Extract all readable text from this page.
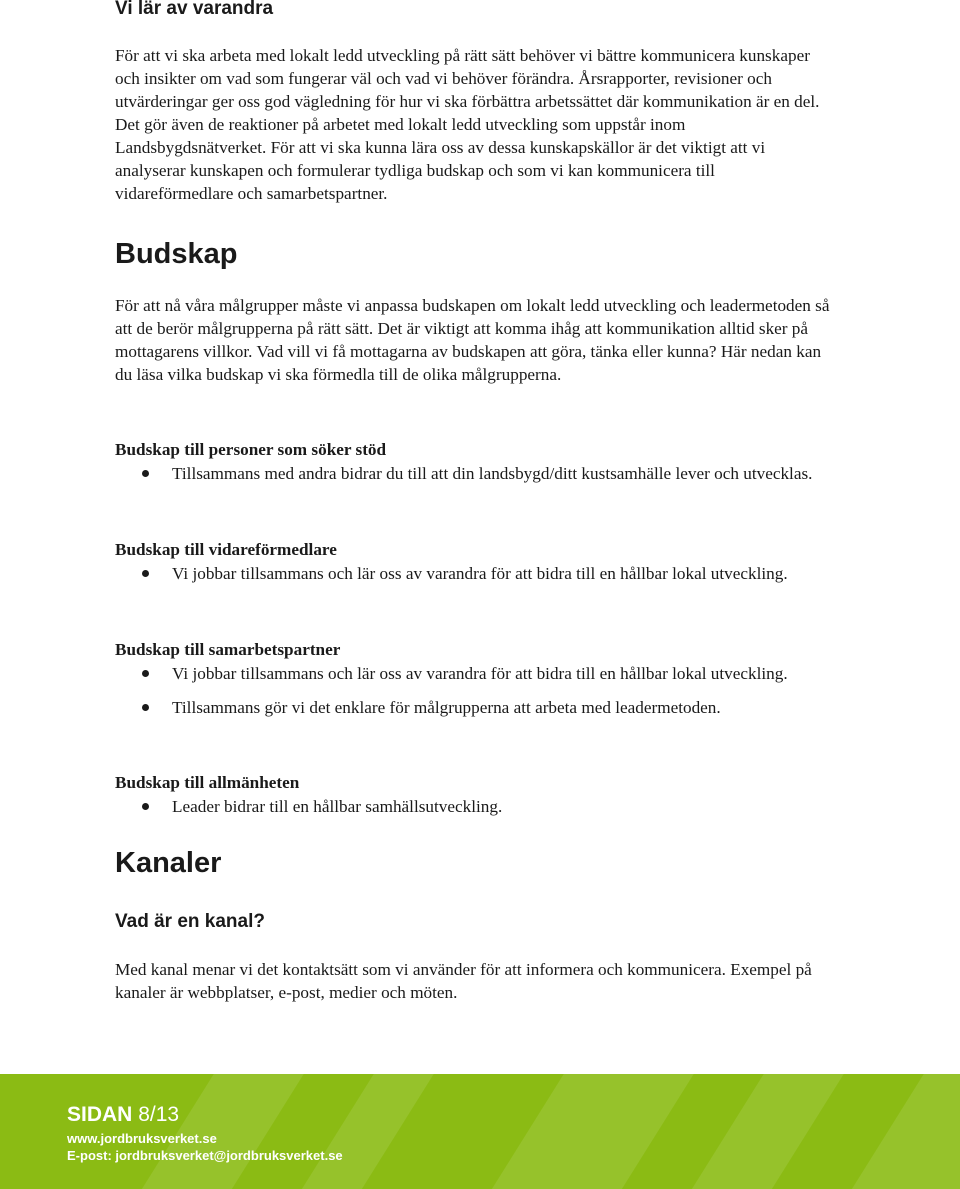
Vi lär av varandra

För att vi ska arbeta med lokalt ledd utveckling på rätt sätt behöver vi bättre kommunicera kunskaper och insikter om vad som fungerar väl och vad vi behöver förändra. Årsrapporter, revisioner och utvärderingar ger oss god vägledning för hur vi ska förbättra arbetssättet där kommunikation är en del. Det gör även de reaktioner på arbetet med lokalt ledd utveckling som uppstår inom Landsbygdsnätverket. För att vi ska kunna lära oss av dessa kunskapskällor är det viktigt att vi analyserar kunskapen och formulerar tydliga budskap och som vi kan kommunicera till vidareförmedlare och samarbetspartner.

Budskap

För att nå våra målgrupper måste vi anpassa budskapen om lokalt ledd utveckling och leadermetoden så att de berör målgrupperna på rätt sätt. Det är viktigt att komma ihåg att kommunikation alltid sker på mottagarens villkor. Vad vill vi få mottagarna av budskapen att göra, tänka eller kunna? Här nedan kan du läsa vilka budskap vi ska förmedla till de olika målgrupperna.

Budskap till personer som söker stöd
Tillsammans med andra bidrar du till att din landsbygd/ditt kustsamhälle lever och utvecklas.
Budskap till vidareförmedlare
Vi jobbar tillsammans och lär oss av varandra för att bidra till en hållbar lokal utveckling.
Budskap till samarbetspartner
Vi jobbar tillsammans och lär oss av varandra för att bidra till en hållbar lokal utveckling.
Tillsammans gör vi det enklare för målgrupperna att arbeta med leadermetoden.
Budskap till allmänheten
Leader bidrar till en hållbar samhällsutveckling.
Kanaler
Vad är en kanal?

Med kanal menar vi det kontaktsätt som vi använder för att informera och kommunicera. Exempel på kanaler är webbplatser, e-post, medier och möten.

SIDAN 8/13
www.jordbruksverket.se
E-post: jordbruksverket@jordbruksverket.se
